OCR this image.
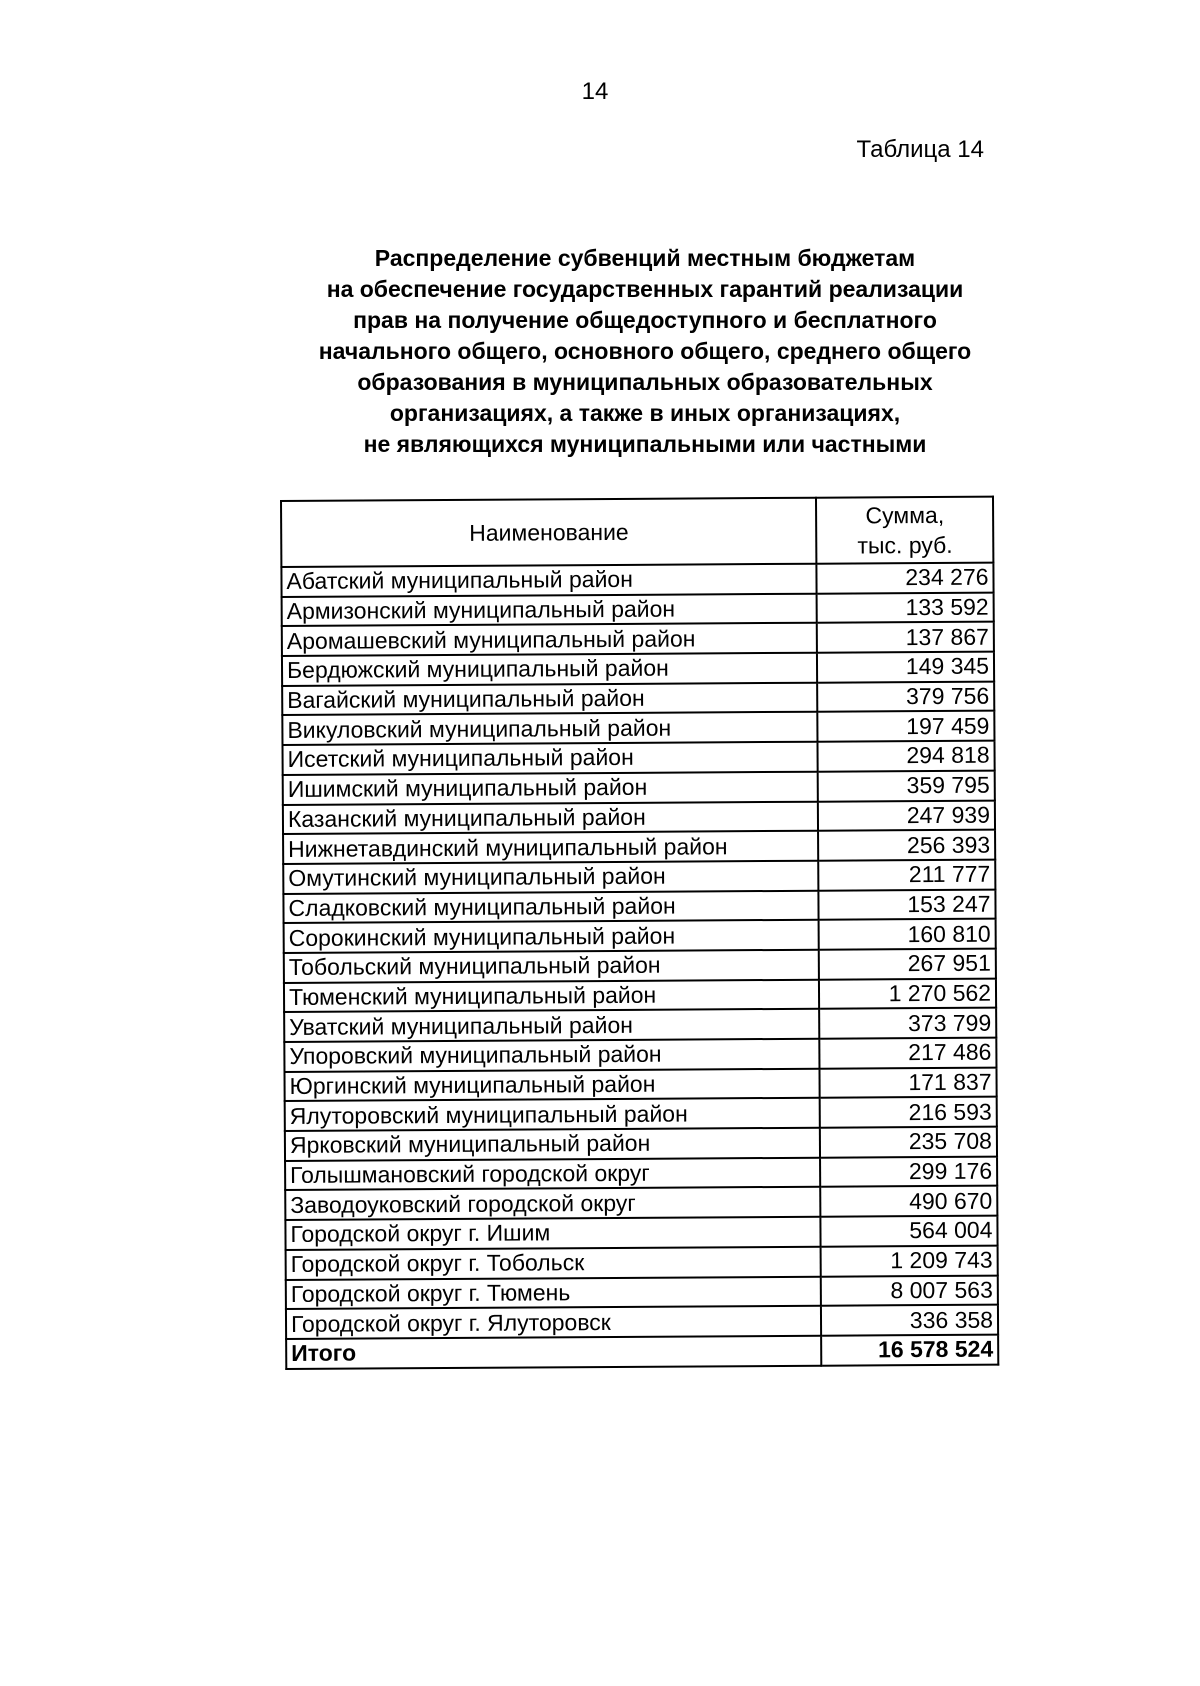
14
Таблица 14
Распределение субвенций местным бюджетам
на обеспечение государственных гарантий реализации
прав на получение общедоступного и бесплатного
начального общего, основного общего, среднего общего
образования в муниципальных образовательных
организациях, а также в иных организациях,
не являющихся муниципальными или частными
Наименование	Сумма,
тыс. руб.

Абатский муниципальный район	234 276
Армизонский муниципальный район	133 592
Аромашевский муниципальный район	137 867
Бердюжский муниципальный район	149 345
Вагайский муниципальный район	379 756
Викуловский муниципальный район	197 459
Исетский муниципальный район	294 818
Ишимский муниципальный район	359 795
Казанский муниципальный район	247 939
Нижнетавдинский муниципальный район	256 393
Омутинский муниципальный район	211 777
Сладковский муниципальный район	153 247
Сорокинский муниципальный район	160 810
Тобольский муниципальный район	267 951
Тюменский муниципальный район	1 270 562
Уватский муниципальный район	373 799
Упоровский муниципальный район	217 486
Юргинский муниципальный район	171 837
Ялуторовский муниципальный район	216 593
Ярковский муниципальный район	235 708
Голышмановский городской округ	299 176
Заводоуковский городской округ	490 670
Городской округ г. Ишим	564 004
Городской округ г. Тобольск	1 209 743
Городской округ г. Тюмень	8 007 563
Городской округ г. Ялуторовск	336 358
Итого	16 578 524
